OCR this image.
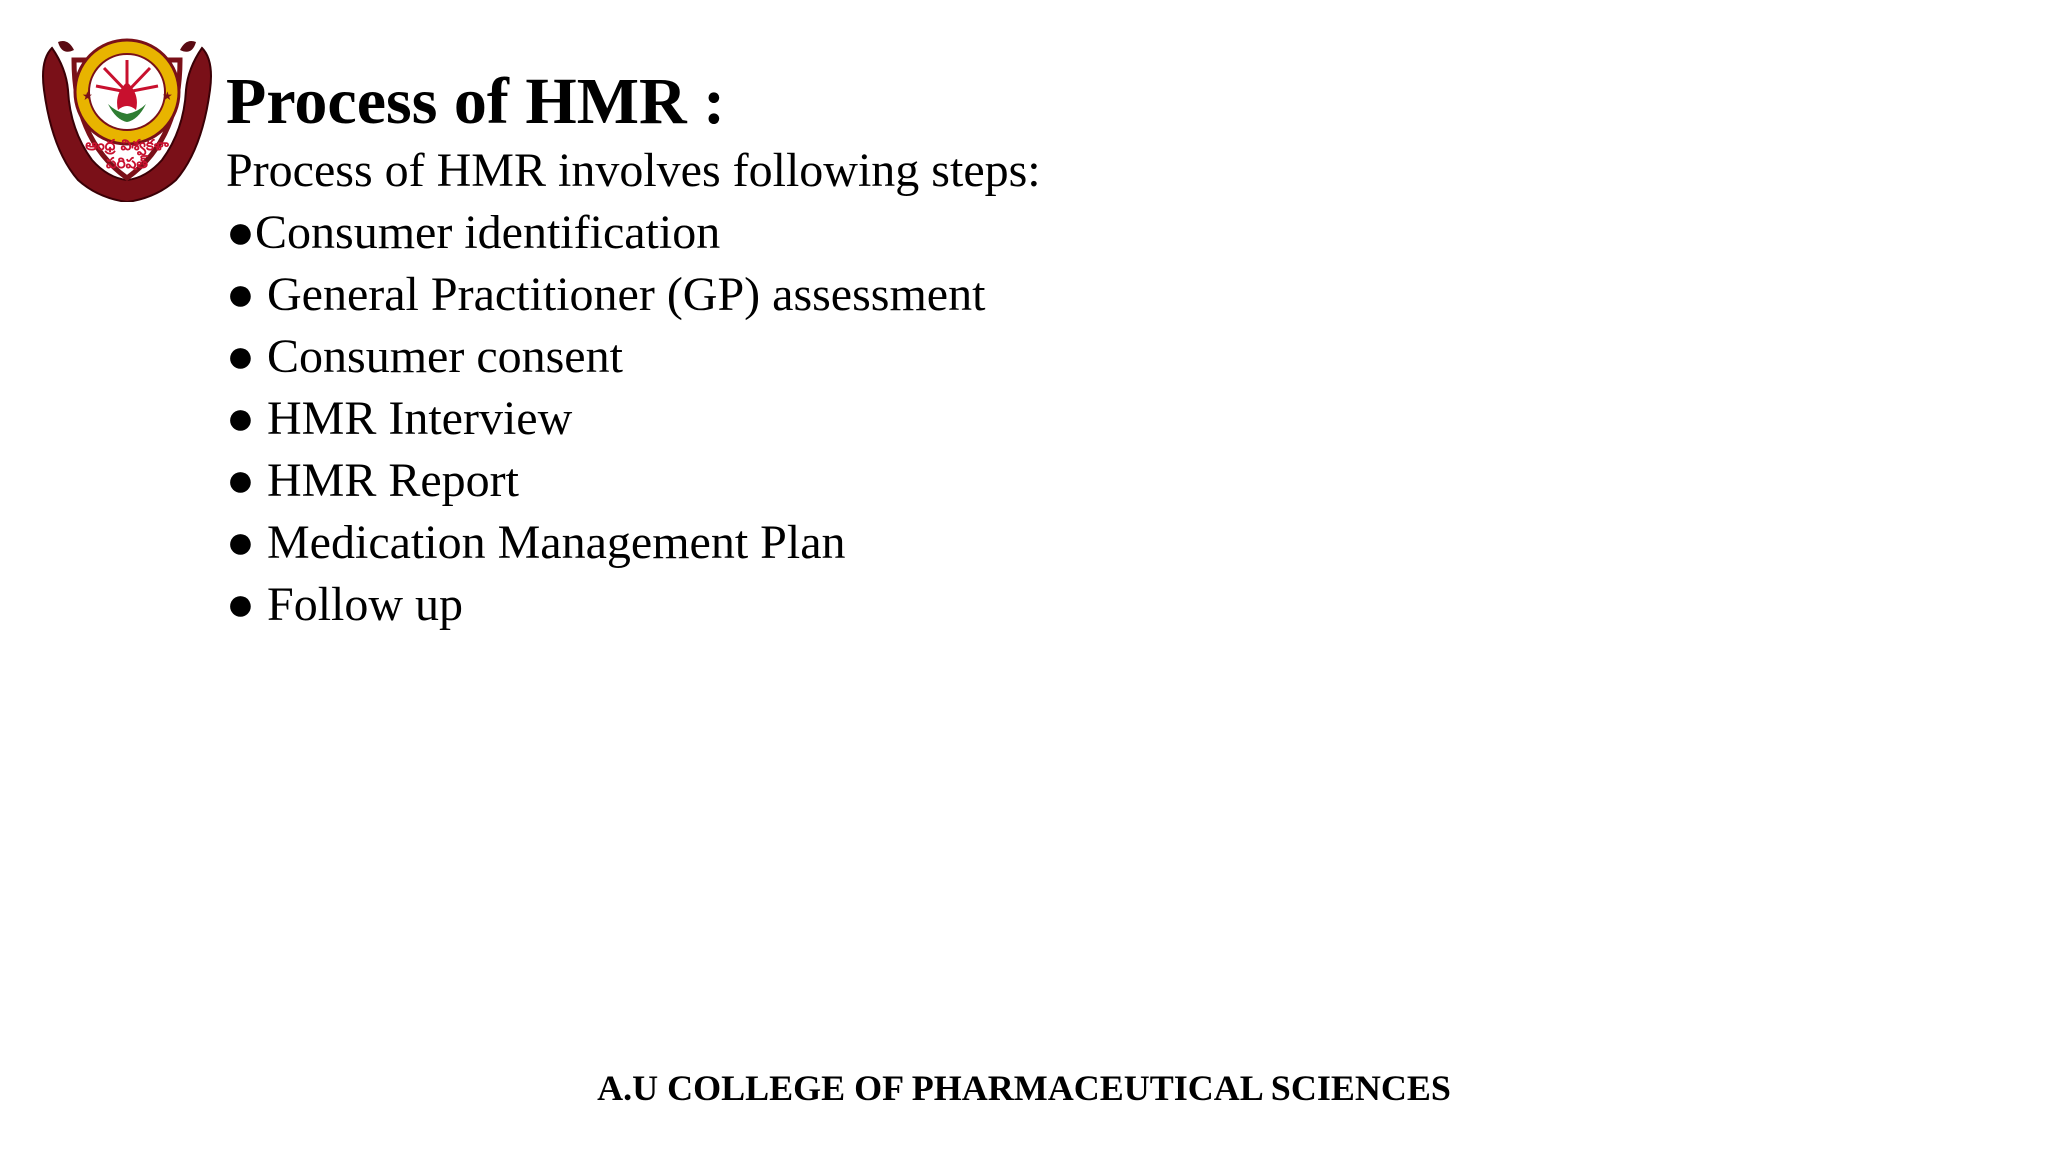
★	★
ఆంధ్ర విశ్వకళా
పరిషత్
Process of HMR :
Process of HMR involves following steps:
●Consumer identification
● General Practitioner (GP) assessment
● Consumer consent
● HMR Interview
● HMR Report
● Medication Management Plan
● Follow up
A.U COLLEGE OF PHARMACEUTICAL SCIENCES
